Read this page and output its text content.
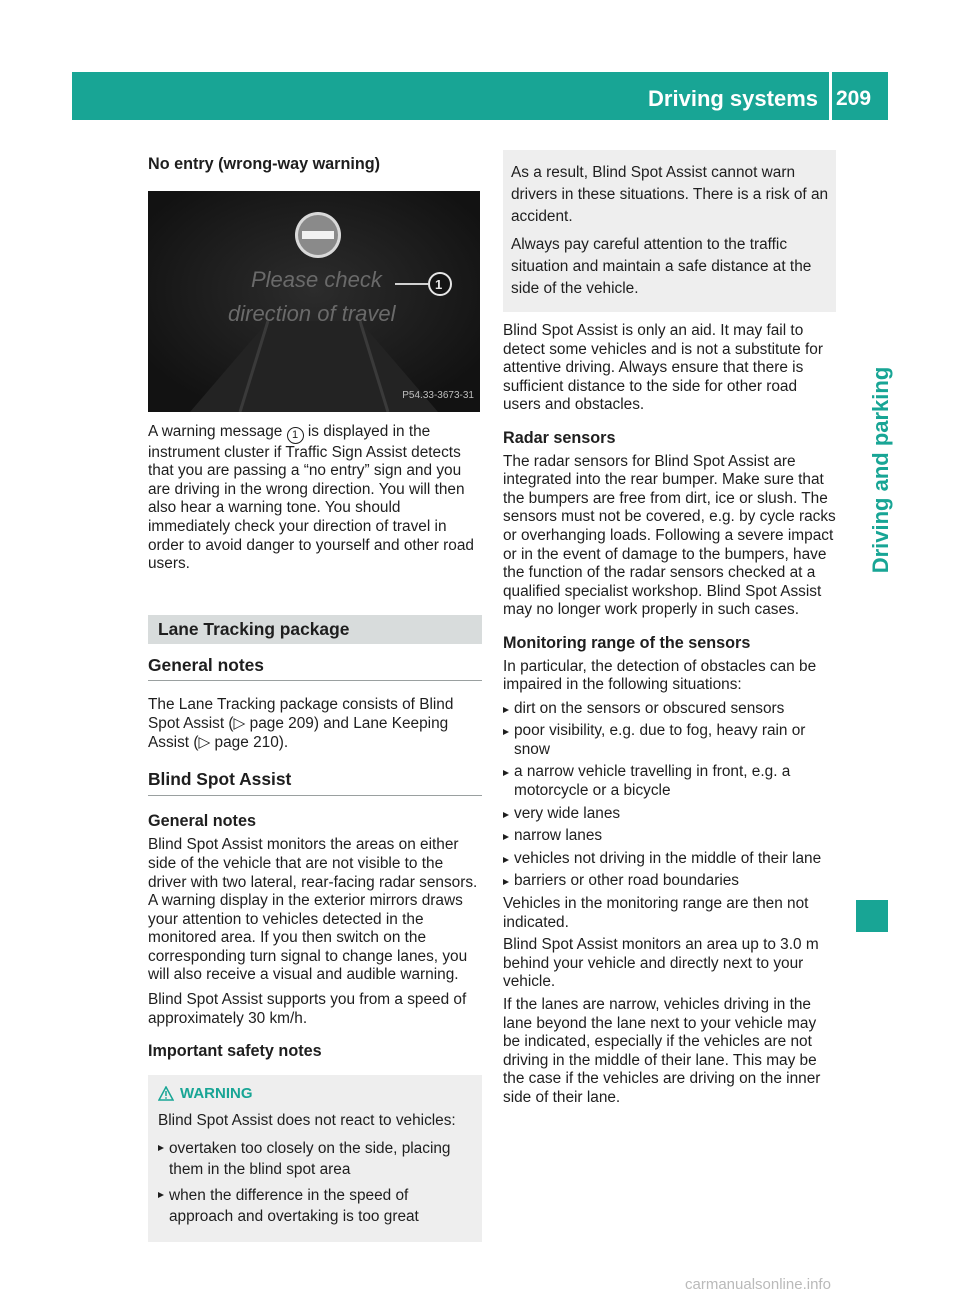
Driving systems 209
Driving and parking
No entry (wrong-way warning)
Please check
direction of travel
1
P54.33-3673-31

A warning message 1 is displayed in the instrument cluster if Traffic Sign Assist detects that you are passing a “no entry” sign and you are driving in the wrong direction. You will then also hear a warning tone. You should immediately check your direction of travel in order to avoid danger to yourself and other road users.

Lane Tracking package
General notes

The Lane Tracking package consists of Blind Spot Assist (▷ page 209) and Lane Keeping Assist (▷ page 210).

Blind Spot Assist
General notes

Blind Spot Assist monitors the areas on either side of the vehicle that are not visible to the driver with two lateral, rear-facing radar sensors. A warning display in the exterior mirrors draws your attention to vehicles detected in the monitored area. If you then switch on the corresponding turn signal to change lanes, you will also receive a visual and audible warning.

Blind Spot Assist supports you from a speed of approximately 30 km/h.

Important safety notes
WARNING

Blind Spot Assist does not react to vehicles:

overtaken too closely on the side, placing them in the blind spot area
when the difference in the speed of approach and overtaking is too great

As a result, Blind Spot Assist cannot warn drivers in these situations. There is a risk of an accident.

Always pay careful attention to the traffic situation and maintain a safe distance at the side of the vehicle.

Blind Spot Assist is only an aid. It may fail to detect some vehicles and is not a substitute for attentive driving. Always ensure that there is sufficient distance to the side for other road users and obstacles.

Radar sensors

The radar sensors for Blind Spot Assist are integrated into the rear bumper. Make sure that the bumpers are free from dirt, ice or slush. The sensors must not be covered, e.g. by cycle racks or overhanging loads. Following a severe impact or in the event of damage to the bumpers, have the function of the radar sensors checked at a qualified specialist workshop. Blind Spot Assist may no longer work properly in such cases.

Monitoring range of the sensors

In particular, the detection of obstacles can be impaired in the following situations:

dirt on the sensors or obscured sensors
poor visibility, e.g. due to fog, heavy rain or snow
a narrow vehicle travelling in front, e.g. a motorcycle or a bicycle
very wide lanes
narrow lanes
vehicles not driving in the middle of their lane
barriers or other road boundaries

Vehicles in the monitoring range are then not indicated.

Blind Spot Assist monitors an area up to 3.0 m behind your vehicle and directly next to your vehicle.

If the lanes are narrow, vehicles driving in the lane beyond the lane next to your vehicle may be indicated, especially if the vehicles are not driving in the middle of their lane. This may be the case if the vehicles are driving on the inner side of their lane.

carmanualsonline.info
